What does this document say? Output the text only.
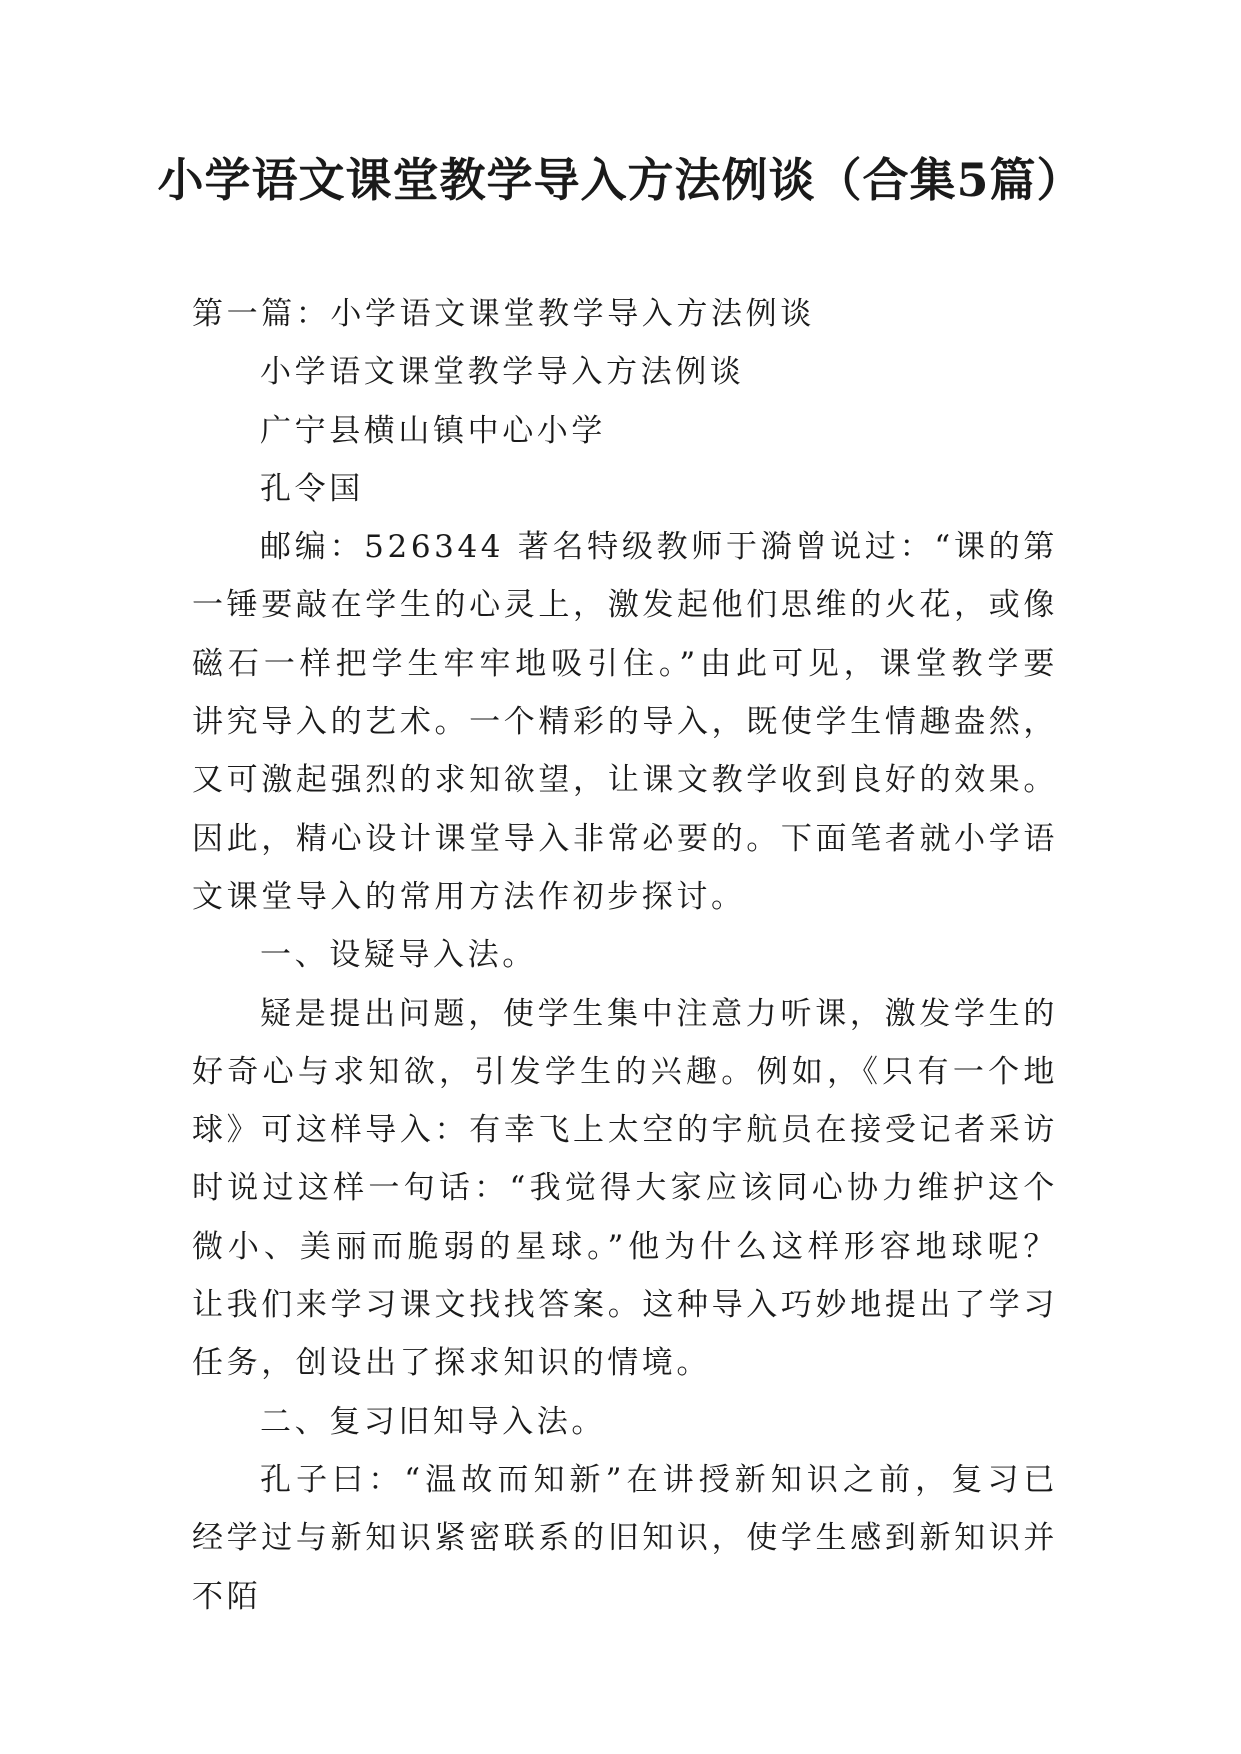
小学语文课堂教学导入方法例谈（合集5篇）

第一篇：小学语文课堂教学导入方法例谈

小学语文课堂教学导入方法例谈

广宁县横山镇中心小学

孔令国

邮编：526344 著名特级教师于漪曾说过：“课的第一锤要敲在学生的心灵上，激发起他们思维的火花，或像磁石一样把学生牢牢地吸引住。”由此可见，课堂教学要讲究导入的艺术。一个精彩的导入，既使学生情趣盎然，又可激起强烈的求知欲望，让课文教学收到良好的效果。因此，精心设计课堂导入非常必要的。下面笔者就小学语文课堂导入的常用方法作初步探讨。

一、设疑导入法。

疑是提出问题，使学生集中注意力听课，激发学生的好奇心与求知欲，引发学生的兴趣。例如，《只有一个地球》可这样导入：有幸飞上太空的宇航员在接受记者采访时说过这样一句话：“我觉得大家应该同心协力维护这个微小、美丽而脆弱的星球。”他为什么这样形容地球呢？让我们来学习课文找找答案。这种导入巧妙地提出了学习任务，创设出了探求知识的情境。

二、复习旧知导入法。

孔子曰：“温故而知新”在讲授新知识之前，复习已经学过与新知识紧密联系的旧知识，使学生感到新知识并不陌
